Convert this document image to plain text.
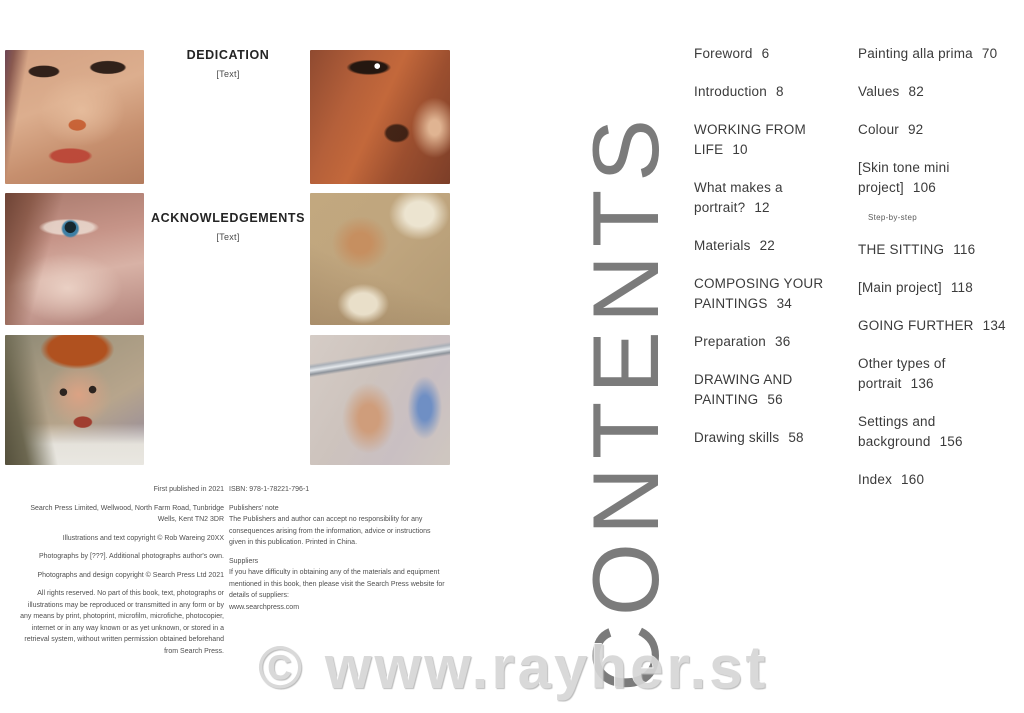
DEDICATION
[Text]
ACKNOWLEDGEMENTS
[Text]

First published in 2021

Search Press Limited, Wellwood, North Farm Road, Tunbridge Wells, Kent TN2 3DR

Illustrations and text copyright © Rob Wareing 20XX

Photographs by [???]. Additional photographs author's own.

Photographs and design copyright © Search Press Ltd 2021

All rights reserved. No part of this book, text, photographs or illustrations may be reproduced or transmitted in any form or by any means by print, photoprint, microfilm, microfiche, photocopier, internet or in any way known or as yet unknown, or stored in a retrieval system, without written permission obtained beforehand from Search Press.

ISBN: 978-1-78221-796-1

Publishers' note
The Publishers and author can accept no responsibility for any consequences arising from the information, advice or instructions given in this publication. Printed in China.

Suppliers
If you have difficulty in obtaining any of the materials and equipment mentioned in this book, then please visit the Search Press website for details of suppliers:
www.searchpress.com	CONTENTS
Foreword 6
Introduction 8
WORKING FROM LIFE 10
What makes a portrait? 12
Materials 22
COMPOSING YOUR PAINTINGS 34
Preparation 36
DRAWING AND PAINTING 56
Drawing skills 58
Painting alla prima 70
Values 82
Colour 92
[Skin tone mini project] 106
Step-by-step
THE SITTING 116
[Main project] 118
GOING FURTHER 134
Other types of portrait 136
Settings and background 156
Index 160
© www.rayher.st
